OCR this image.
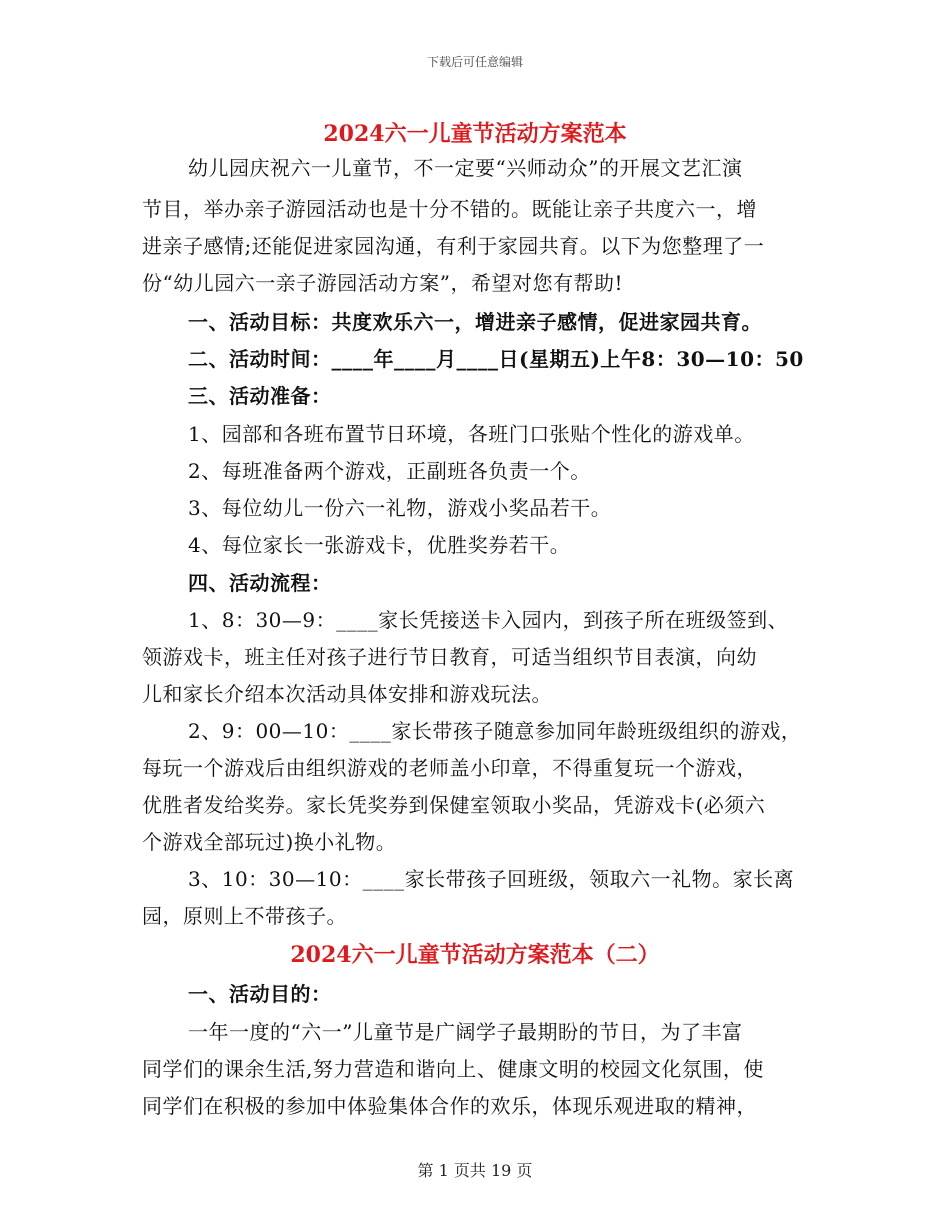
下载后可任意编辑
2024六一儿童节活动方案范本
幼儿园庆祝六一儿童节，不一定要“兴师动众”的开展文艺汇演
节目，举办亲子游园活动也是十分不错的。既能让亲子共度六一，增
进亲子感情;还能促进家园沟通，有利于家园共育。以下为您整理了一
份“幼儿园六一亲子游园活动方案”，希望对您有帮助!
一、活动目标：共度欢乐六一，增进亲子感情，促进家园共育。
二、活动时间：____年____月____日(星期五)上午8：30—10：50
三、活动准备：
1、园部和各班布置节日环境，各班门口张贴个性化的游戏单。
2、每班准备两个游戏，正副班各负责一个。
3、每位幼儿一份六一礼物，游戏小奖品若干。
4、每位家长一张游戏卡，优胜奖券若干。
四、活动流程：
1、8：30—9：____家长凭接送卡入园内，到孩子所在班级签到、
领游戏卡，班主任对孩子进行节日教育，可适当组织节目表演，向幼
儿和家长介绍本次活动具体安排和游戏玩法。
2、9：00—10：____家长带孩子随意参加同年龄班级组织的游戏，
每玩一个游戏后由组织游戏的老师盖小印章，不得重复玩一个游戏，
优胜者发给奖券。家长凭奖券到保健室领取小奖品，凭游戏卡(必须六
个游戏全部玩过)换小礼物。
3、10：30—10：____家长带孩子回班级，领取六一礼物。家长离
园，原则上不带孩子。
2024六一儿童节活动方案范本（二）
一、活动目的：
一年一度的“六一”儿童节是广阔学子最期盼的节日，为了丰富
同学们的课余生活,努力营造和谐向上、健康文明的校园文化氛围，使
同学们在积极的参加中体验集体合作的欢乐，体现乐观进取的精神，
第 1 页共 19 页
